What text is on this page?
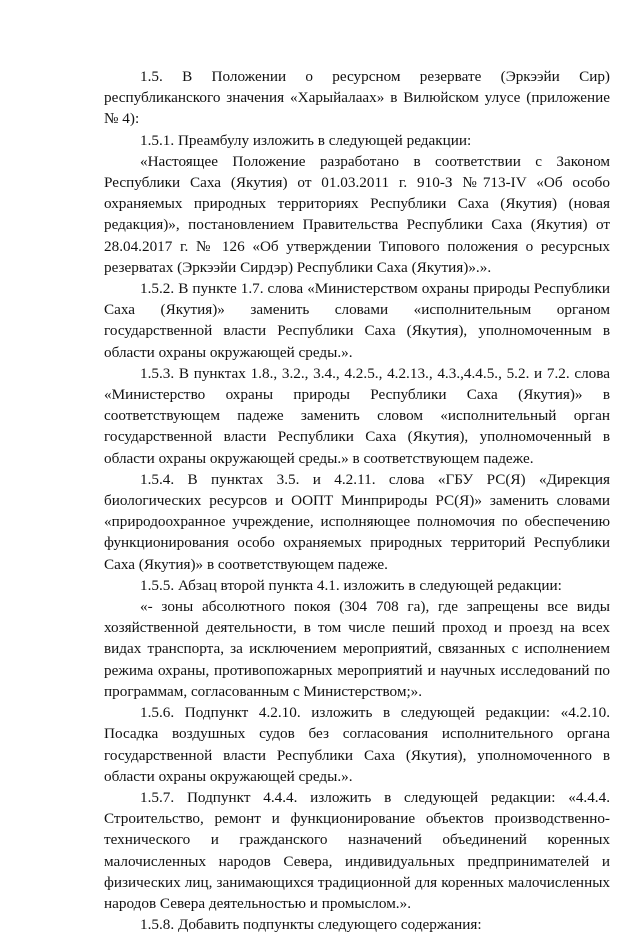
1.5. В Положении о ресурсном резервате (Эркээйи Сир) республиканского значения «Харыйалаах» в Вилюйском улусе (приложение № 4):

1.5.1. Преамбулу изложить в следующей редакции:

«Настоящее Положение разработано в соответствии с Законом Республики Саха (Якутия) от 01.03.2011 г. 910-З №713-IV «Об особо охраняемых природных территориях Республики Саха (Якутия) (новая редакция)», постановлением Правительства Республики Саха (Якутия) от 28.04.2017 г. № 126 «Об утверждении Типового положения о ресурсных резерватах (Эркээйи Сирдэр) Республики Саха (Якутия)».».

1.5.2. В пункте 1.7. слова «Министерством охраны природы Республики Саха (Якутия)» заменить словами «исполнительным органом государственной власти Республики Саха (Якутия), уполномоченным в области охраны окружающей среды.».

1.5.3. В пунктах 1.8., 3.2., 3.4., 4.2.5., 4.2.13., 4.3.,4.4.5., 5.2. и 7.2. слова «Министерство охраны природы Республики Саха (Якутия)» в соответствующем падеже заменить словом «исполнительный орган государственной власти Республики Саха (Якутия), уполномоченный в области охраны окружающей среды.» в соответствующем падеже.

1.5.4. В пунктах 3.5. и 4.2.11. слова «ГБУ РС(Я) «Дирекция биологических ресурсов и ООПТ Минприроды РС(Я)» заменить словами «природоохранное учреждение, исполняющее полномочия по обеспечению функционирования особо охраняемых природных территорий Республики Саха (Якутия)» в соответствующем падеже.

1.5.5. Абзац второй пункта 4.1. изложить в следующей редакции:

«- зоны абсолютного покоя (304 708 га), где запрещены все виды хозяйственной деятельности, в том числе пеший проход и проезд на всех видах транспорта, за исключением мероприятий, связанных с исполнением режима охраны, противопожарных мероприятий и научных исследований по программам, согласованным с Министерством;».

1.5.6. Подпункт 4.2.10. изложить в следующей редакции: «4.2.10. Посадка воздушных судов без согласования исполнительного органа государственной власти Республики Саха (Якутия), уполномоченного в области охраны окружающей среды.».

1.5.7. Подпункт 4.4.4. изложить в следующей редакции: «4.4.4. Строительство, ремонт и функционирование объектов производственно-технического и гражданского назначений объединений коренных малочисленных народов Севера, индивидуальных предпринимателей и физических лиц, занимающихся традиционной для коренных малочисленных народов Севера деятельностью и промыслом.».

1.5.8. Добавить подпункты следующего содержания:
